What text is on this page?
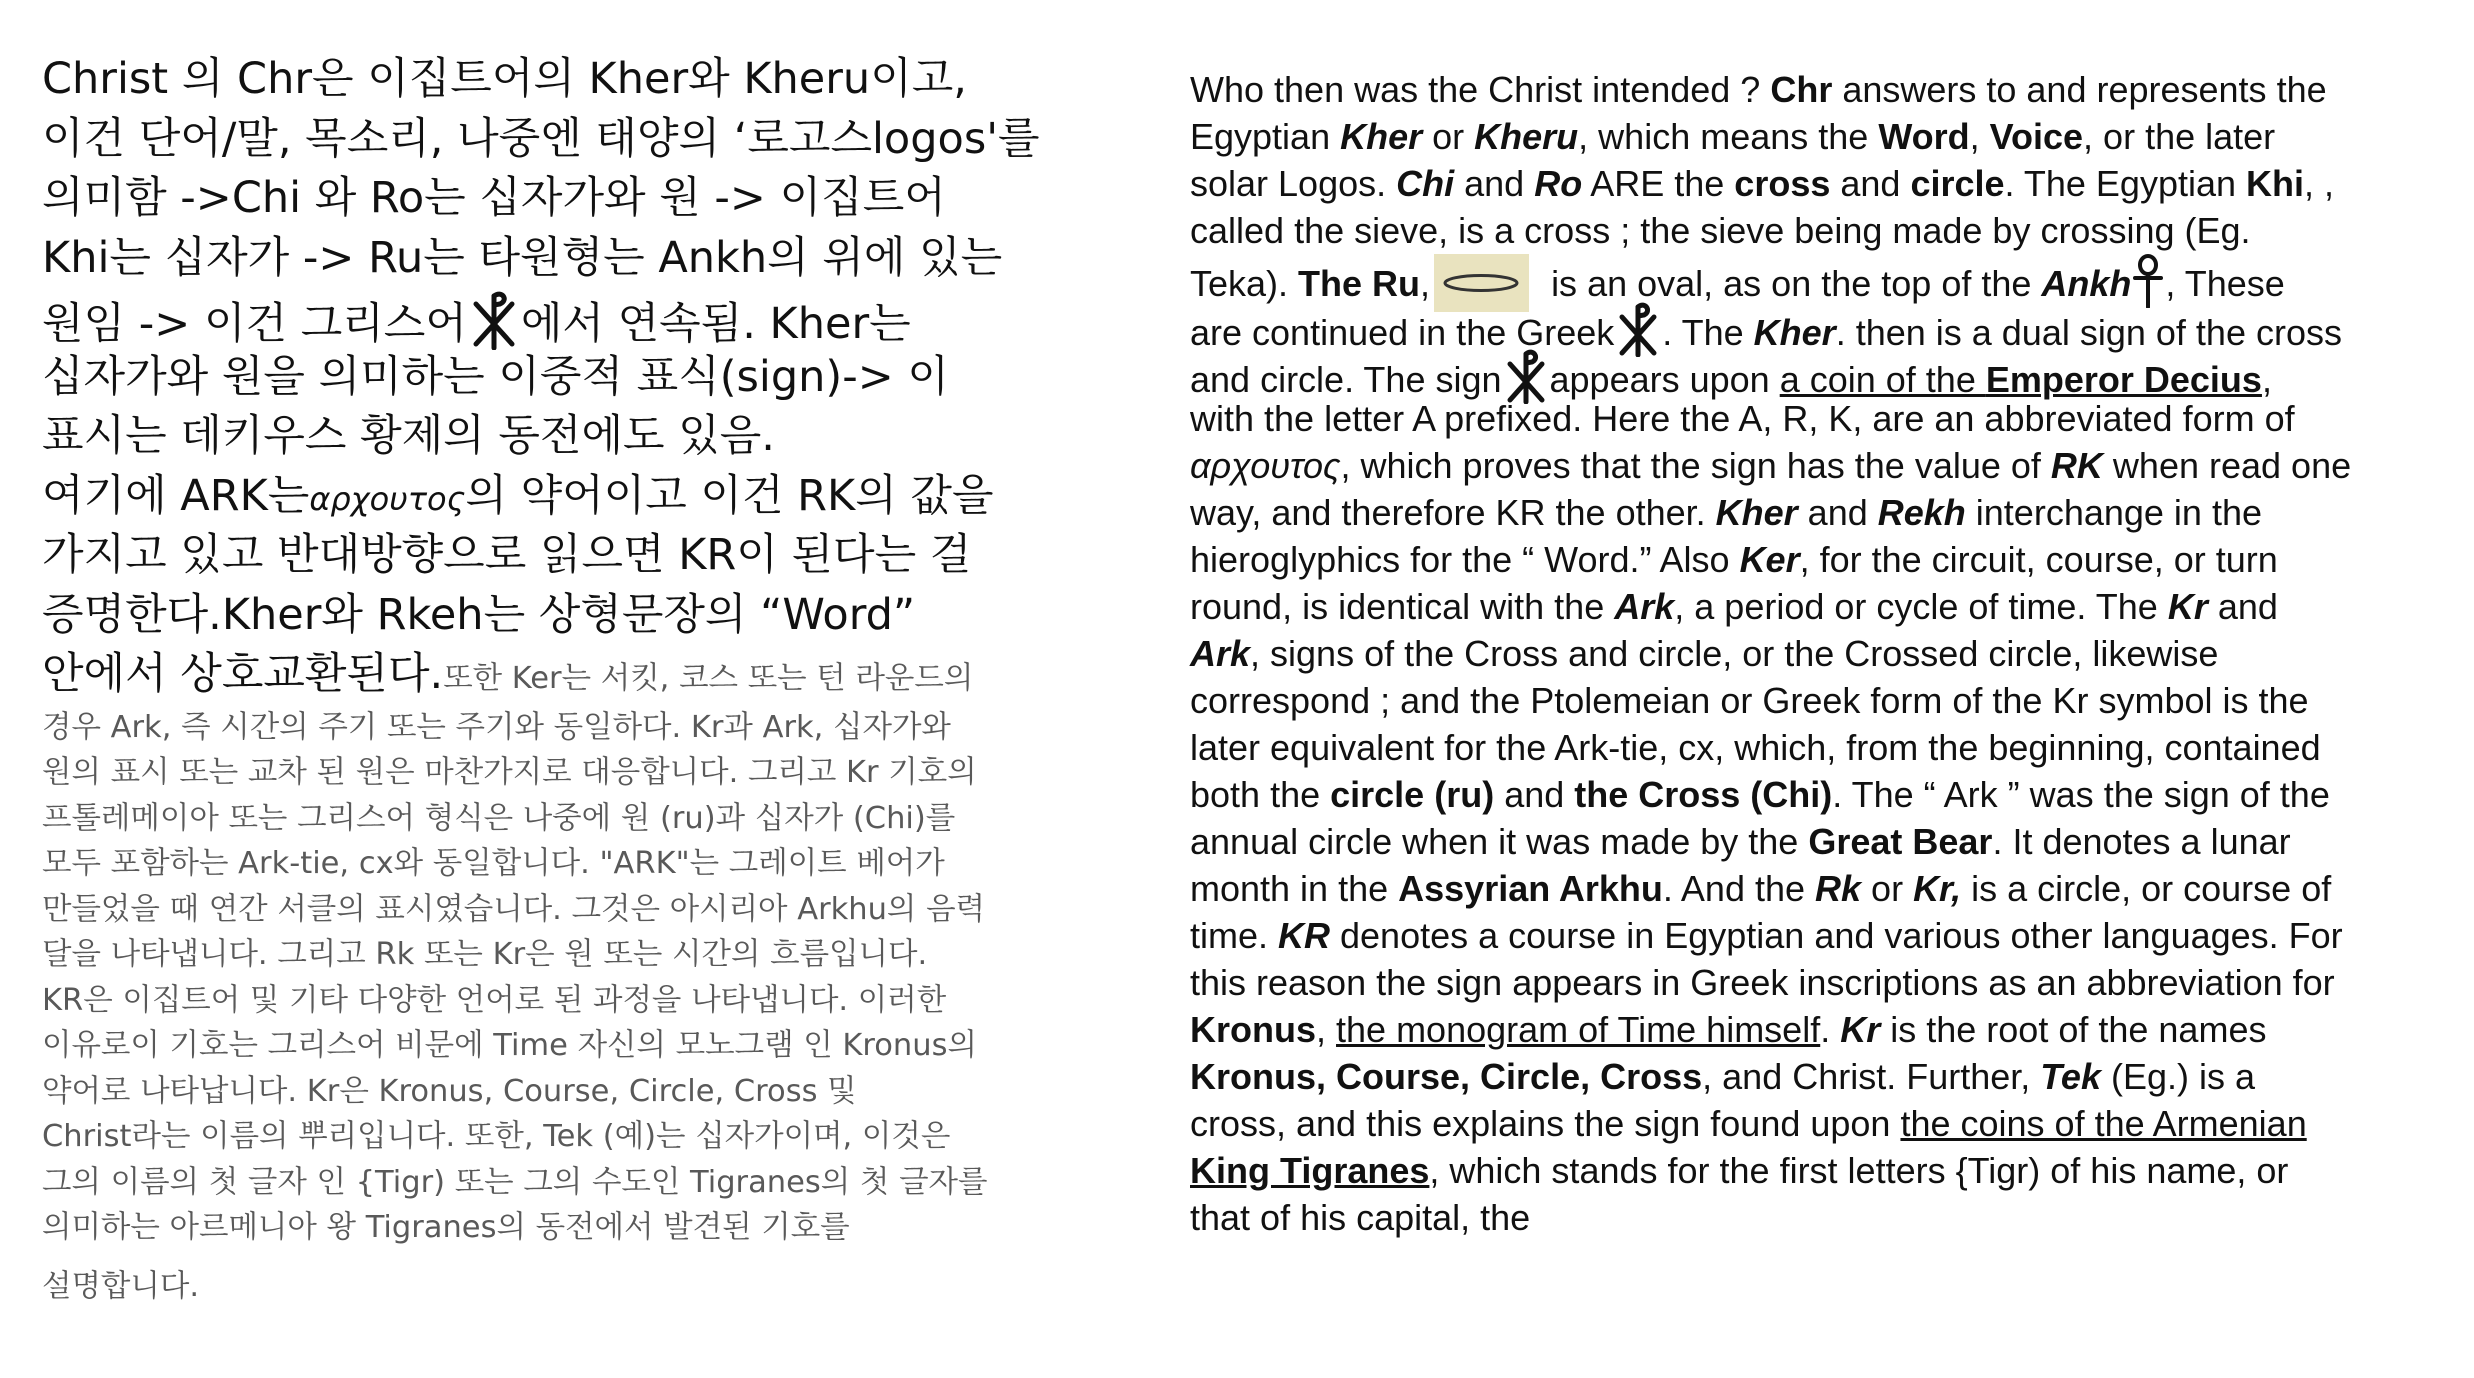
Christ 의 Chr은 이집트어의 Kher와 Kheru이고,
이건 단어/말, 목소리, 나중엔 태양의 ‘로고스logos'를
의미함 ->Chi 와 Ro는 십자가와 원 -> 이집트어
Khi는 십자가 -> Ru는 타원형는 Ankh의 위에 있는
원임 -> 이건 그리스어 에서 연속됨. Kher는
십자가와 원을 의미하는 이중적 표식(sign)-> 이
표시는 데키우스 황제의 동전에도 있음.
여기에 ARK는αρχουτος의 약어이고 이건 RK의 값을
가지고 있고 반대방향으로 읽으면 KR이 된다는 걸
증명한다.Kher와 Rkeh는 상형문장의 “Word”
안에서 상호교환된다.또한 Ker는 서킷, 코스 또는 턴 라운드의
경우 Ark, 즉 시간의 주기 또는 주기와 동일하다. Kr과 Ark, 십자가와
원의 표시 또는 교차 된 원은 마찬가지로 대응합니다. 그리고 Kr 기호의
프톨레메이아 또는 그리스어 형식은 나중에 원 (ru)과 십자가 (Chi)를
모두 포함하는 Ark-tie, cx와 동일합니다. "ARK"는 그레이트 베어가
만들었을 때 연간 서클의 표시였습니다. 그것은 아시리아 Arkhu의 음력
달을 나타냅니다. 그리고 Rk 또는 Kr은 원 또는 시간의 흐름입니다.
KR은 이집트어 및 기타 다양한 언어로 된 과정을 나타냅니다. 이러한
이유로이 기호는 그리스어 비문에 Time 자신의 모노그램 인 Kronus의
약어로 나타납니다. Kr은 Kronus, Course, Circle, Cross 및
Christ라는 이름의 뿌리입니다. 또한, Tek (예)는 십자가이며, 이것은
그의 이름의 첫 글자 인 {Tigr) 또는 그의 수도인 Tigranes의 첫 글자를
의미하는 아르메니아 왕 Tigranes의 동전에서 발견된 기호를
설명합니다.
Who then was the Christ intended ? Chr answers to and represents the
Egyptian Kher or Kheru, which means the Word, Voice, or the later
solar Logos. Chi and Ro ARE the cross and circle. The Egyptian Khi, ,
called the sieve, is a cross ; the sieve being made by crossing (Eg.
Teka). The Ru,	is an oval, as on the top of the Ankh , These
are continued in the Greek . The Kher. then is a dual sign of the cross
and circle. The sign appears upon a coin of the Emperor Decius,
with the letter A prefixed. Here the A, R, K, are an abbreviated form of
αρχουτος, which proves that the sign has the value of RK when read one
way, and therefore KR the other. Kher and Rekh interchange in the
hieroglyphics for the “ Word.” Also Ker, for the circuit, course, or turn
round, is identical with the Ark, a period or cycle of time. The Kr and
Ark, signs of the Cross and circle, or the Crossed circle, likewise
correspond ; and the Ptolemeian or Greek form of the Kr symbol is the
later equivalent for the Ark-tie, cx, which, from the beginning, contained
both the circle (ru) and the Cross (Chi). The “ Ark ” was the sign of the
annual circle when it was made by the Great Bear. It denotes a lunar
month in the Assyrian Arkhu. And the Rk or Kr, is a circle, or course of
time. KR denotes a course in Egyptian and various other languages. For
this reason the sign appears in Greek inscriptions as an abbreviation for
Kronus, the monogram of Time himself. Kr is the root of the names
Kronus, Course, Circle, Cross, and Christ. Further, Tek (Eg.) is a
cross, and this explains the sign found upon the coins of the Armenian
King Tigranes, which stands for the first letters {Tigr) of his name, or
that of his capital, the
